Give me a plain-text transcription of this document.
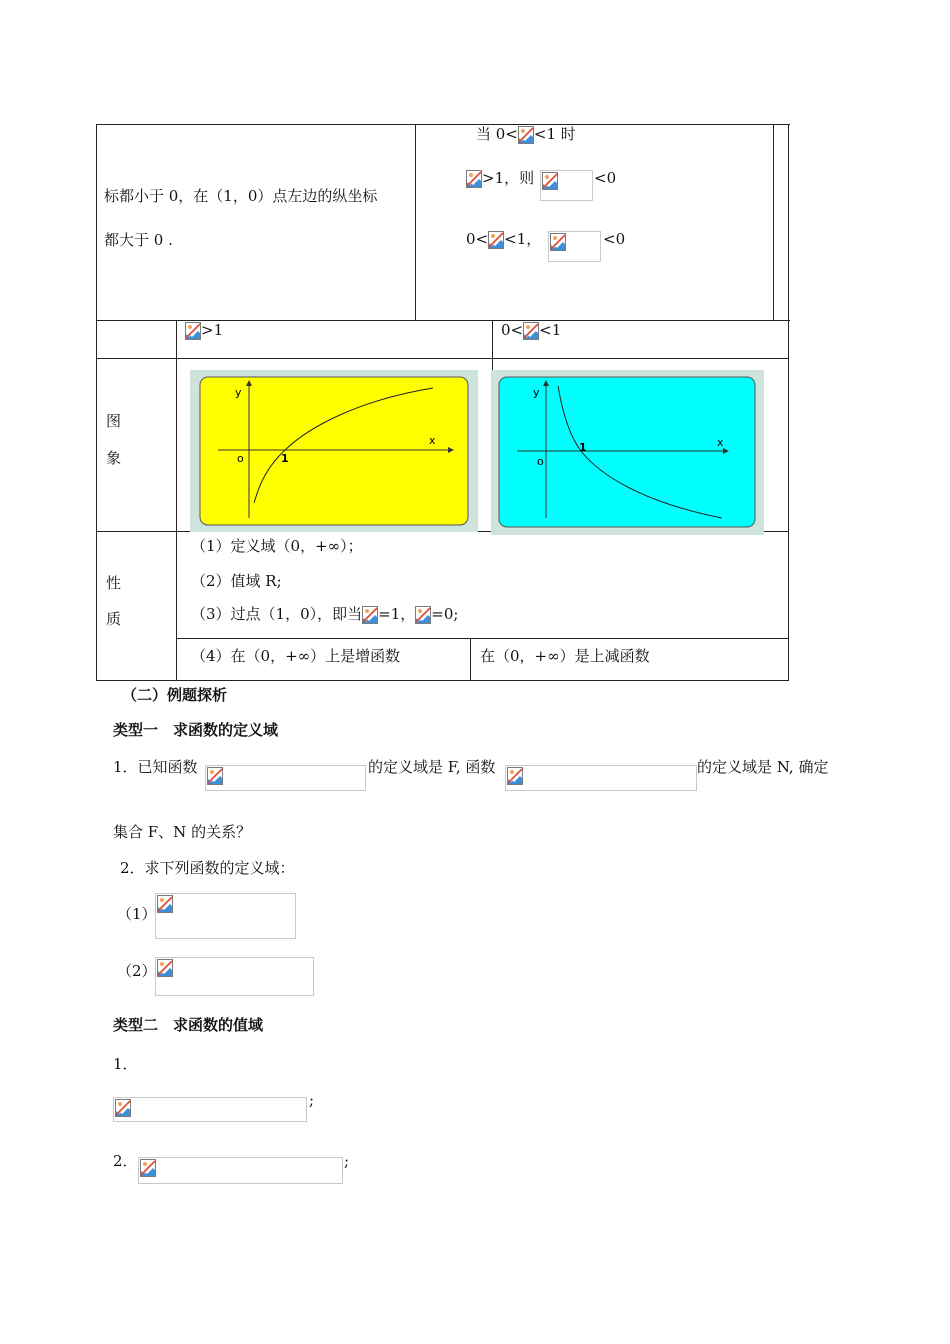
标都小于 0，在（1，0）点左边的纵坐标
都大于 0 .
当 0< <1 时
>1，则	<0
0< <1，	<0
>1	0< <1
图
象
y
x
o	1
y
x
o
1
性
质
（1）定义域（0，+∞）；
（2）值域 R;
（3）过点（1，0），即当 =1， =0;
（4）在（0，+∞）上是增函数	在（0，+∞）是上减函数
（二）例题探析
类型一　求函数的定义域
1．已知函数	的定义域是 F, 函数	的定义域是 N, 确定
集合 F、N 的关系？
2．求下列函数的定义域：
（1）
（2）
类型二　求函数的值域
1．
;
2．	;
